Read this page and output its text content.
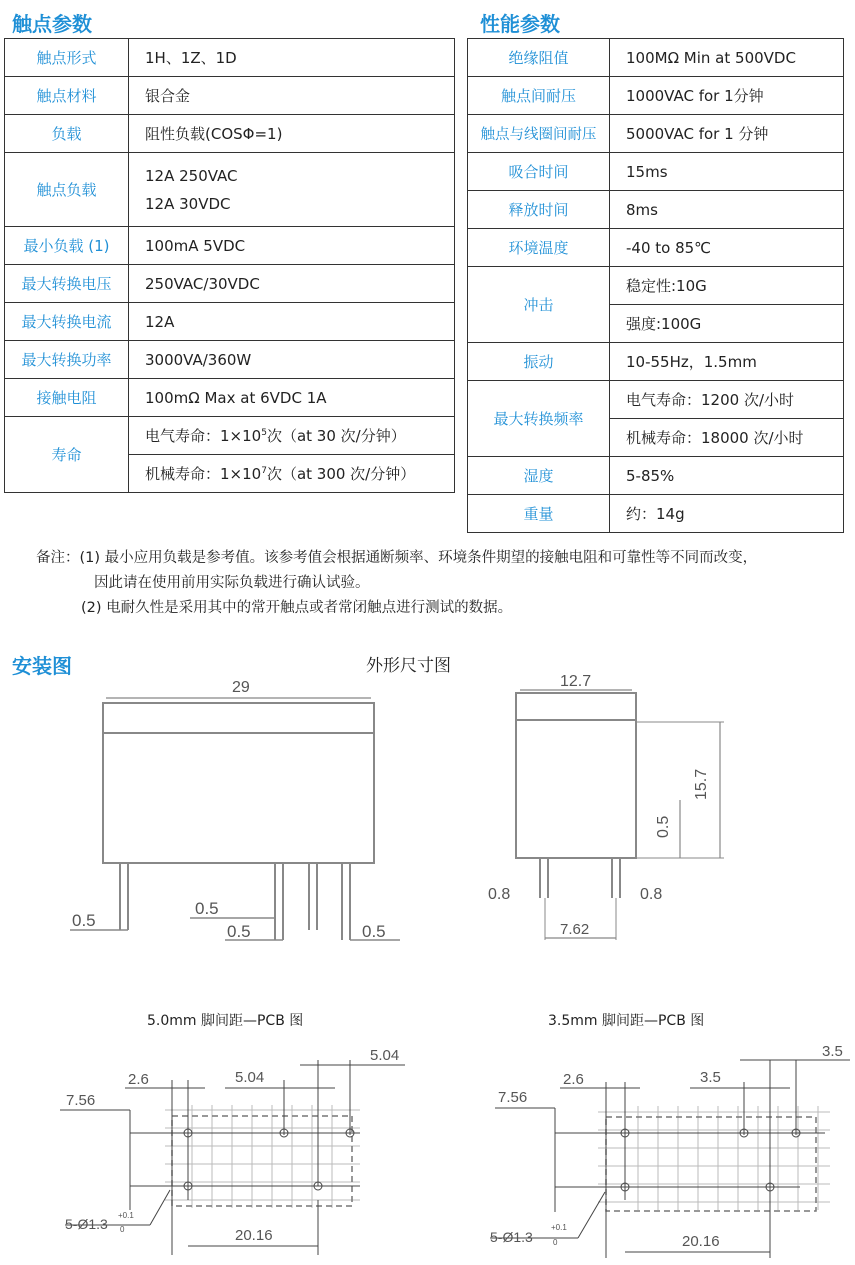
触点参数	性能参数
触点形式	1H、1Z、1D
触点材料	银合金
负载	阻性负载(COSΦ=1)
触点负载	12A 250VAC
12A 30VDC

最小负载 (1)	100mA 5VDC
最大转换电压	250VAC/30VDC
最大转换电流	12A
最大转换功率	3000VA/360W
接触电阻	100mΩ Max at 6VDC 1A
寿命	电气寿命：$1\times 10^5$次（at 30 次/分钟）
	机械寿命：$1\times 10^7$次（at 300 次/分钟）
绝缘阻值	100MΩ Min at 500VDC
触点间耐压	1000VAC for 1分钟
触点与线圈间耐压	5000VAC for 1 分钟
吸合时间	15ms
释放时间	8ms
环境温度	-40 to 85℃
冲击	稳定性:10G
	强度:100G
振动	10-55Hz，1.5mm
最大转换频率	电气寿命：1200 次/小时
	机械寿命：18000 次/小时
湿度	5-85%
重量	约：14g
备注：(1) 最小应用负载是参考值。该参考值会根据通断频率、环境条件期望的接触电阻和可靠性等不同而改变，
因此请在使用前用实际负载进行确认试验。
(2) 电耐久性是采用其中的常开触点或者常闭触点进行测试的数据。
安装图	外形尺寸图
5.0mm 脚间距—PCB 图	3.5mm 脚间距—PCB 图
29
0.5
0.5
0.5	0.5
12.7
15.7
0.5
0.8	0.8
7.62
5.04
2.6	5.04
7.56
20.16
5-Ø1.3
+0.1
0
3.5
2.6	3.5
7.56
20.16
5-Ø1.3
+0.1
0
